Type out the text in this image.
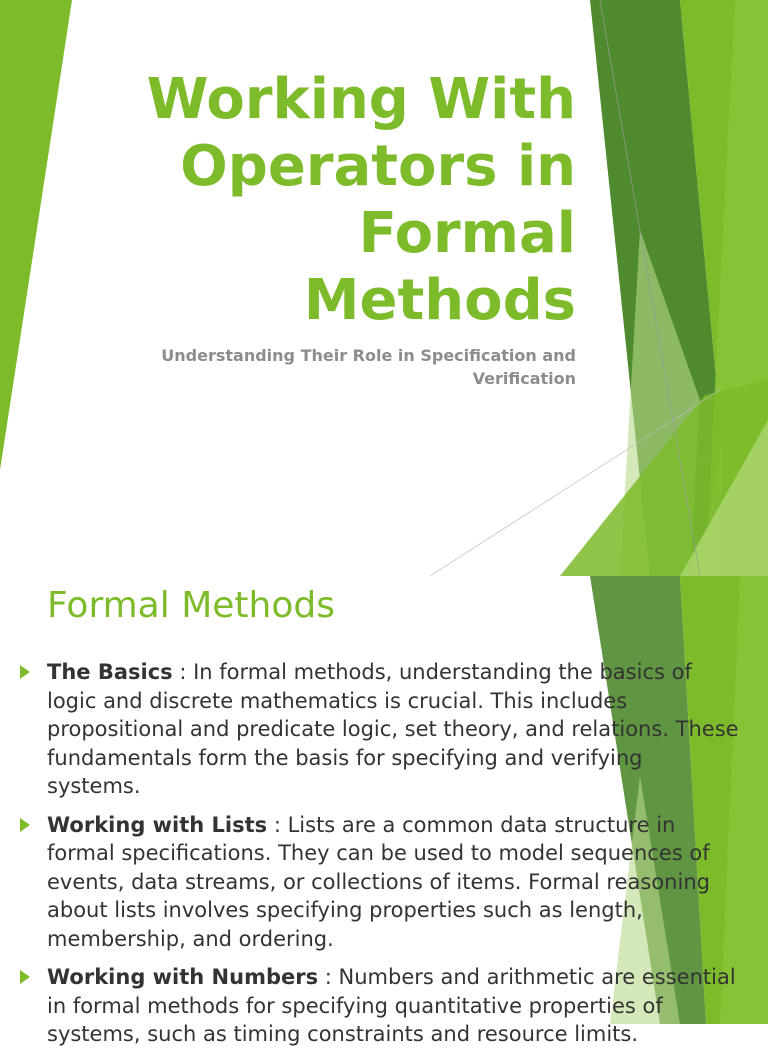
Working With Operators in Formal Methods

Understanding Their Role in Specification and Verification

Formal Methods
The Basics : In formal methods, understanding the basics of logic and discrete mathematics is crucial. This includes propositional and predicate logic, set theory, and relations. These fundamentals form the basis for specifying and verifying systems.
Working with Lists : Lists are a common data structure in formal specifications. They can be used to model sequences of events, data streams, or collections of items. Formal reasoning about lists involves specifying properties such as length, membership, and ordering.
Working with Numbers : Numbers and arithmetic are essential in formal methods for specifying quantitative properties of systems, such as timing constraints and resource limits.
